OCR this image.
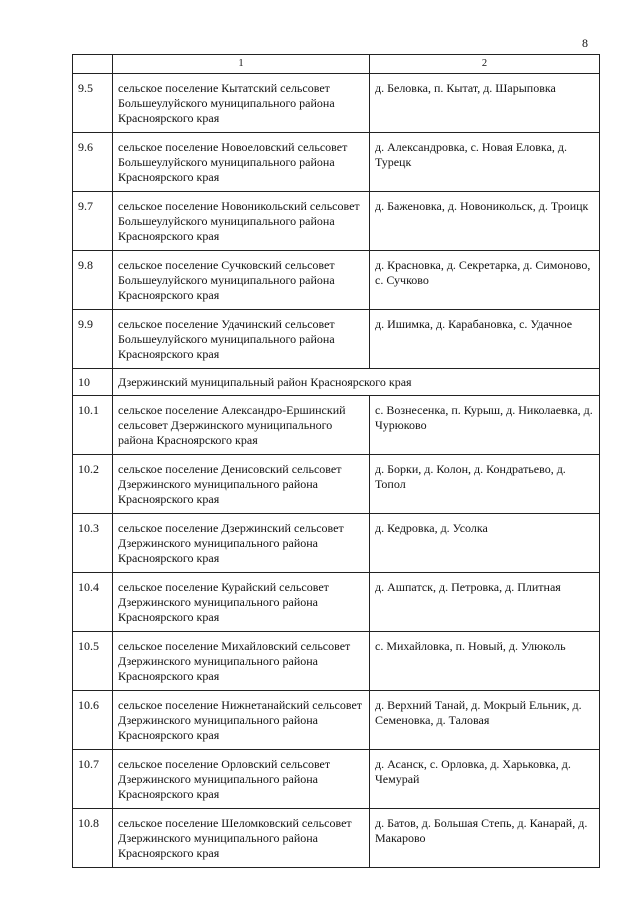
8
	1	2
9.5	сельское поселение Кытатский сельсовет Большеулуйского муниципального района Красноярского края	д. Беловка, п. Кытат, д. Шарыповка
9.6	сельское поселение Новоеловский сельсовет Большеулуйского муниципального района Красноярского края	д. Александровка, с. Новая Еловка, д. Турецк
9.7	сельское поселение Новоникольский сельсовет Большеулуйского муниципального района Красноярского края	д. Баженовка, д. Новоникольск, д. Троицк
9.8	сельское поселение Сучковский сельсовет Большеулуйского муниципального района Красноярского края	д. Красновка, д. Секретарка, д. Симоново, с. Сучково
9.9	сельское поселение Удачинский сельсовет Большеулуйского муниципального района Красноярского края	д. Ишимка, д. Карабановка, с. Удачное
10	Дзержинский муниципальный район Красноярского края	
10.1	сельское поселение Александро-Ершинский сельсовет Дзержинского муниципального района Красноярского края	с. Вознесенка, п. Курыш, д. Николаевка, д. Чурюково
10.2	сельское поселение Денисовский сельсовет Дзержинского муниципального района Красноярского края	д. Борки, д. Колон, д. Кондратьево, д. Топол
10.3	сельское поселение Дзержинский сельсовет Дзержинского муниципального района Красноярского края	д. Кедровка, д. Усолка
10.4	сельское поселение Курайский сельсовет Дзержинского муниципального района Красноярского края	д. Ашпатск, д. Петровка, д. Плитная
10.5	сельское поселение Михайловский сельсовет Дзержинского муниципального района Красноярского края	с. Михайловка, п. Новый, д. Улюколь
10.6	сельское поселение Нижнетанайский сельсовет Дзержинского муниципального района Красноярского края	д. Верхний Танай, д. Мокрый Ельник, д. Семеновка, д. Таловая
10.7	сельское поселение Орловский сельсовет Дзержинского муниципального района Красноярского края	д. Асанск, с. Орловка, д. Харьковка, д. Чемурай
10.8	сельское поселение Шеломковский сельсовет Дзержинского муниципального района Красноярского края	д. Батов, д. Большая Степь, д. Канарай, д. Макарово
